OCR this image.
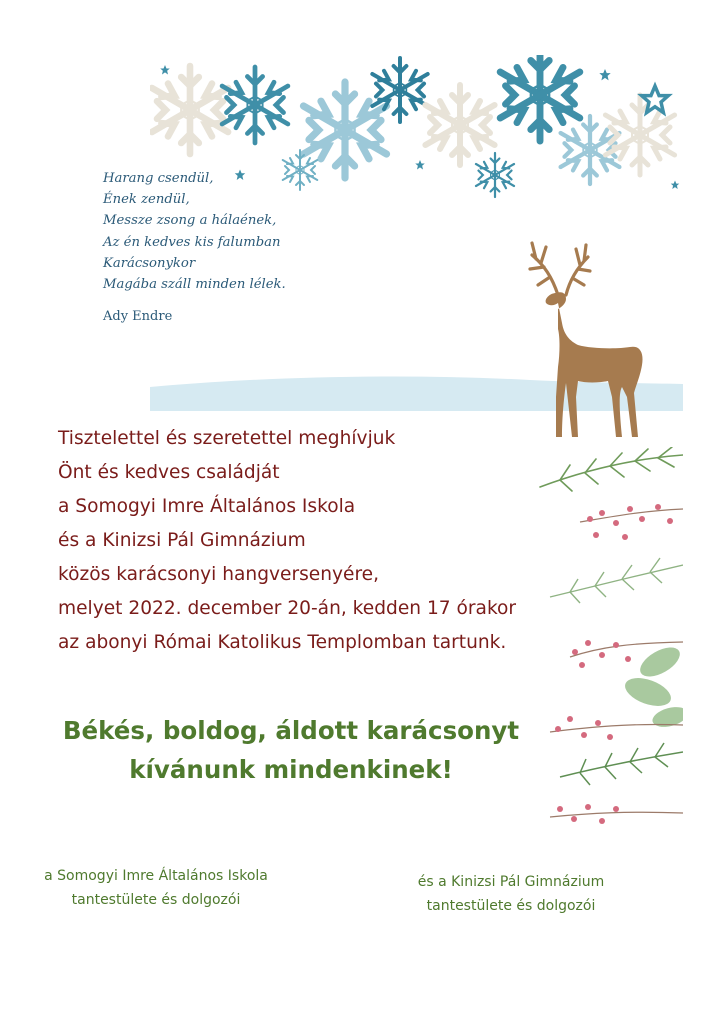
Harang csendül,
Ének zendül,
Messze zsong a hálaének,
Az én kedves kis falumban
Karácsonykor
Magába száll minden lélek.
Ady Endre
Tisztelettel és szeretettel meghívjuk
Önt és kedves családját
a Somogyi Imre Általános Iskola
és a Kinizsi Pál Gimnázium
közös karácsonyi hangversenyére,
melyet 2022. december 20-án, kedden 17 órakor
az abonyi Római Katolikus Templomban tartunk.
Békés, boldog, áldott karácsonyt
kívánunk mindenkinek!
a Somogyi Imre Általános Iskola
tantestülete és dolgozói
és a Kinizsi Pál Gimnázium
tantestülete és dolgozói
